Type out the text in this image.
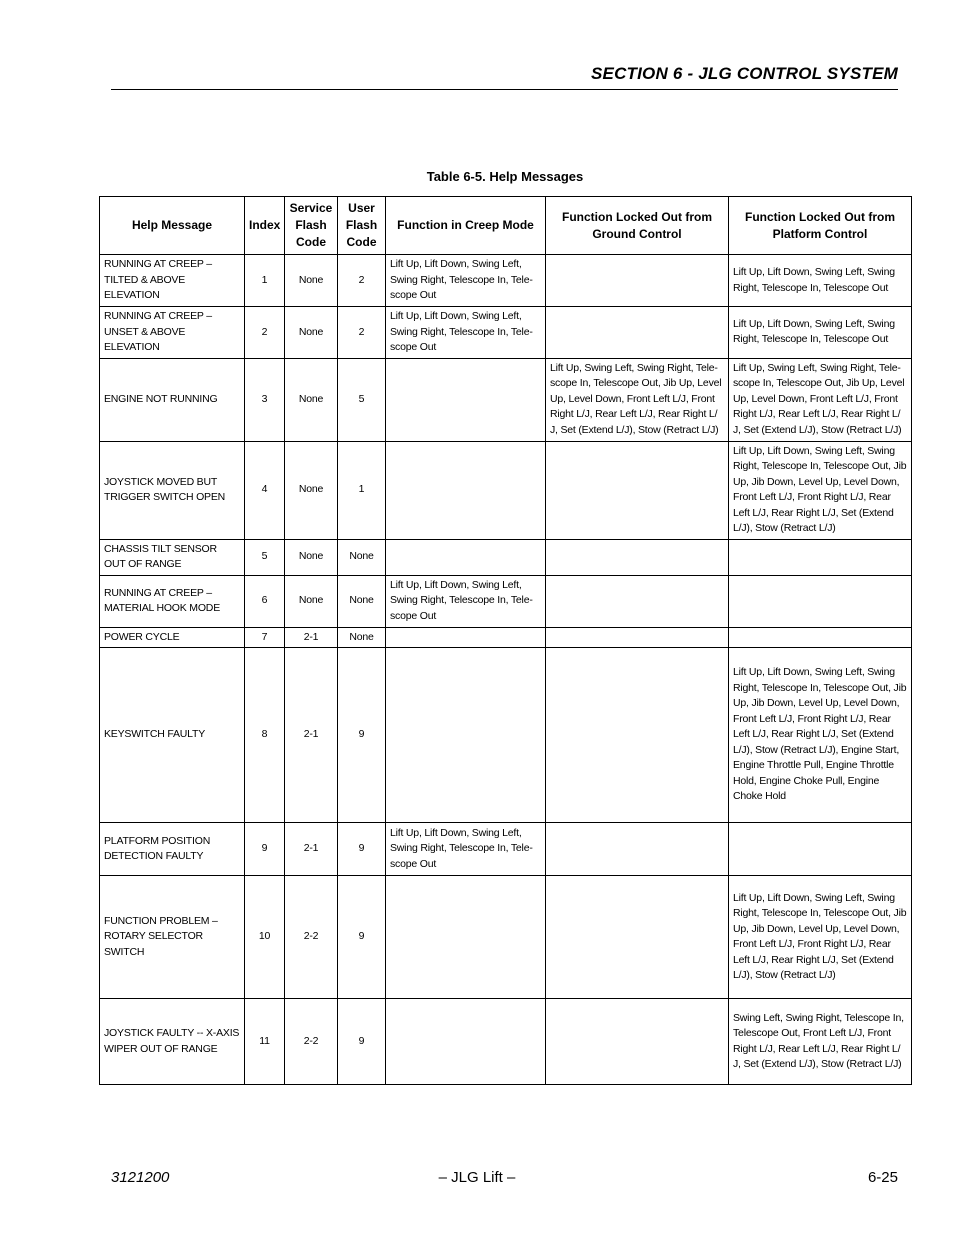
SECTION 6 - JLG CONTROL SYSTEM
Table 6-5. Help Messages
Help Message	Index	Service Flash Code	User Flash Code	Function in Creep Mode	Function Locked Out from Ground Control	Function Locked Out from Platform Control
RUNNING AT CREEP – TILTED & ABOVE ELEVATION	1	None	2	Lift Up, Lift Down, Swing Left, Swing Right, Telescope In, Tele-scope Out		Lift Up, Lift Down, Swing Left, Swing Right, Telescope In, Telescope Out
RUNNING AT CREEP – UNSET & ABOVE ELEVATION	2	None	2	Lift Up, Lift Down, Swing Left, Swing Right, Telescope In, Tele-scope Out		Lift Up, Lift Down, Swing Left, Swing Right, Telescope In, Telescope Out
ENGINE NOT RUNNING	3	None	5		Lift Up, Swing Left, Swing Right, Tele-scope In, Telescope Out, Jib Up, Level Up, Level Down, Front Left L/J, Front Right L/J, Rear Left L/J, Rear Right L/ J, Set (Extend L/J), Stow (Retract L/J)	Lift Up, Swing Left, Swing Right, Tele-scope In, Telescope Out, Jib Up, Level Up, Level Down, Front Left L/J, Front Right L/J, Rear Left L/J, Rear Right L/ J, Set (Extend L/J), Stow (Retract L/J)
JOYSTICK MOVED BUT TRIGGER SWITCH OPEN	4	None	1			Lift Up, Lift Down, Swing Left, Swing Right, Telescope In, Telescope Out, Jib Up, Jib Down, Level Up, Level Down, Front Left L/J, Front Right L/J, Rear Left L/J, Rear Right L/J, Set (Extend L/J), Stow (Retract L/J)
CHASSIS TILT SENSOR OUT OF RANGE	5	None	None			
RUNNING AT CREEP – MATERIAL HOOK MODE	6	None	None	Lift Up, Lift Down, Swing Left, Swing Right, Telescope In, Tele-scope Out		
POWER CYCLE	7	2-1	None			
KEYSWITCH FAULTY	8	2-1	9			Lift Up, Lift Down, Swing Left, Swing Right, Telescope In, Telescope Out, Jib Up, Jib Down, Level Up, Level Down, Front Left L/J, Front Right L/J, Rear Left L/J, Rear Right L/J, Set (Extend L/J), Stow (Retract L/J), Engine Start, Engine Throttle Pull, Engine Throttle Hold, Engine Choke Pull, Engine Choke Hold
PLATFORM POSITION DETECTION FAULTY	9	2-1	9	Lift Up, Lift Down, Swing Left, Swing Right, Telescope In, Tele-scope Out		
FUNCTION PROBLEM – ROTARY SELECTOR SWITCH	10	2-2	9			Lift Up, Lift Down, Swing Left, Swing Right, Telescope In, Telescope Out, Jib Up, Jib Down, Level Up, Level Down, Front Left L/J, Front Right L/J, Rear Left L/J, Rear Right L/J, Set (Extend L/J), Stow (Retract L/J)
JOYSTICK FAULTY -- X-AXIS WIPER OUT OF RANGE	11	2-2	9			Swing Left, Swing Right, Telescope In, Telescope Out, Front Left L/J, Front Right L/J, Rear Left L/J, Rear Right L/ J, Set (Extend L/J), Stow (Retract L/J)
3121200	– JLG Lift –	6-25
